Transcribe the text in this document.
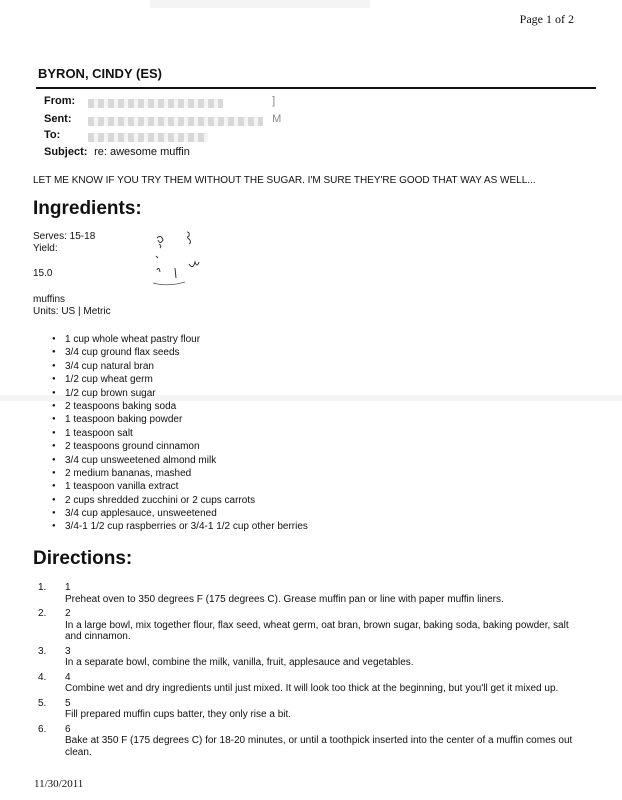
Page 1 of 2
BYRON, CINDY (ES)
From:	]
Sent:	M
To:
Subject: re: awesome muffin
LET ME KNOW IF YOU TRY THEM WITHOUT THE SUGAR. I'M SURE THEY'RE GOOD THAT WAY AS WELL...
Ingredients:
Serves: 15-18
Yield:
15.0
muffins
Units: US | Metric
● 1 cup whole wheat pastry flour
● 3/4 cup ground flax seeds
● 3/4 cup natural bran
● 1/2 cup wheat germ
● 1/2 cup brown sugar
● 2 teaspoons baking soda
● 1 teaspoon baking powder
● 1 teaspoon salt
● 2 teaspoons ground cinnamon
● 3/4 cup unsweetened almond milk
● 2 medium bananas, mashed
● 1 teaspoon vanilla extract
● 2 cups shredded zucchini or 2 cups carrots
● 3/4 cup applesauce, unsweetened
● 3/4-1 1/2 cup raspberries or 3/4-1 1/2 cup other berries
Directions:
1. 1
Preheat oven to 350 degrees F (175 degrees C). Grease muffin pan or line with paper muffin liners.
2. 2
In a large bowl, mix together flour, flax seed, wheat germ, oat bran, brown sugar, baking soda, baking powder, salt and cinnamon.
3. 3
In a separate bowl, combine the milk, vanilla, fruit, applesauce and vegetables.
4. 4
Combine wet and dry ingredients until just mixed. It will look too thick at the beginning, but you'll get it mixed up.
5. 5
Fill prepared muffin cups batter, they only rise a bit.
6. 6
Bake at 350 F (175 degrees C) for 18-20 minutes, or until a toothpick inserted into the center of a muffin comes out clean.
11/30/2011
